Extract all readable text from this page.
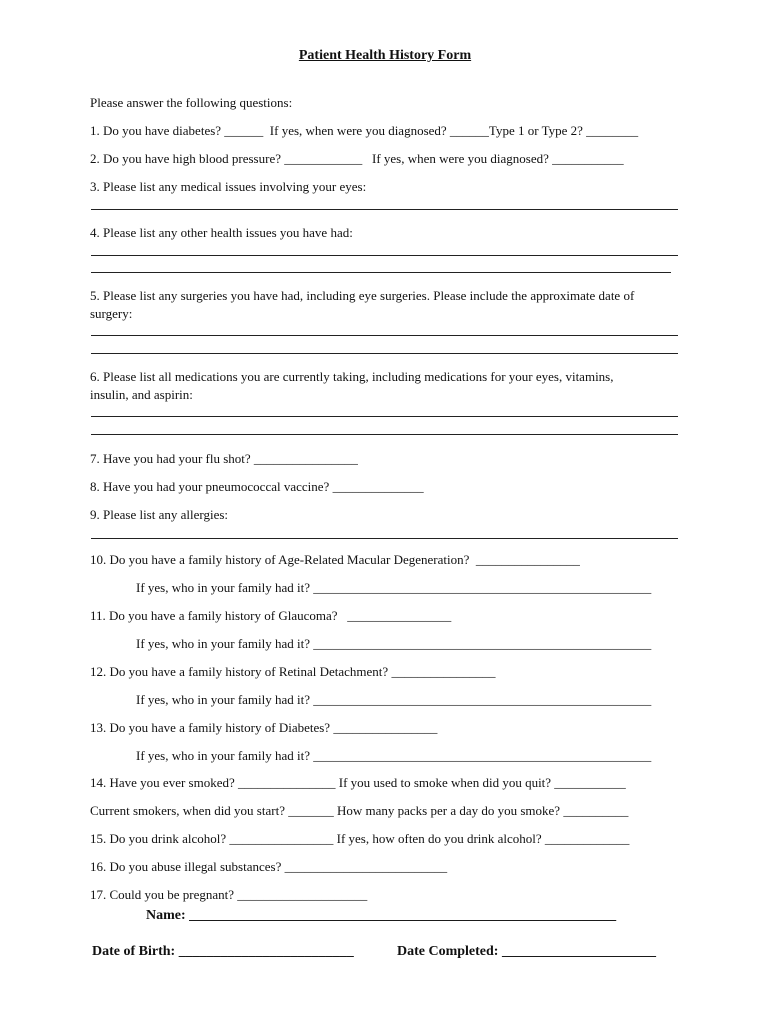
Patient Health History Form
Please answer the following questions:
1. Do you have diabetes? ______  If yes, when were you diagnosed? ______Type 1 or Type 2? ________
2. Do you have high blood pressure? ____________   If yes, when were you diagnosed? ___________
3. Please list any medical issues involving your eyes:
4. Please list any other health issues you have had:
5. Please list any surgeries you have had, including eye surgeries. Please include the approximate date of
surgery:
6. Please list all medications you are currently taking, including medications for your eyes, vitamins,
insulin, and aspirin:
7. Have you had your flu shot? ________________
8. Have you had your pneumococcal vaccine? ______________
9. Please list any allergies:
10. Do you have a family history of Age-Related Macular Degeneration?  ________________
If yes, who in your family had it? ____________________________________________________
11. Do you have a family history of Glaucoma?   ________________
If yes, who in your family had it? ____________________________________________________
12. Do you have a family history of Retinal Detachment? ________________
If yes, who in your family had it? ____________________________________________________
13. Do you have a family history of Diabetes? ________________
If yes, who in your family had it? ____________________________________________________
14. Have you ever smoked? _______________ If you used to smoke when did you quit? ___________
Current smokers, when did you start? _______ How many packs per a day do you smoke? __________
15. Do you drink alcohol? ________________ If yes, how often do you drink alcohol? _____________
16. Do you abuse illegal substances? _________________________
17. Could you be pregnant? ____________________
Name: _____________________________________________________________
Date of Birth: _________________________	Date Completed: ______________________
